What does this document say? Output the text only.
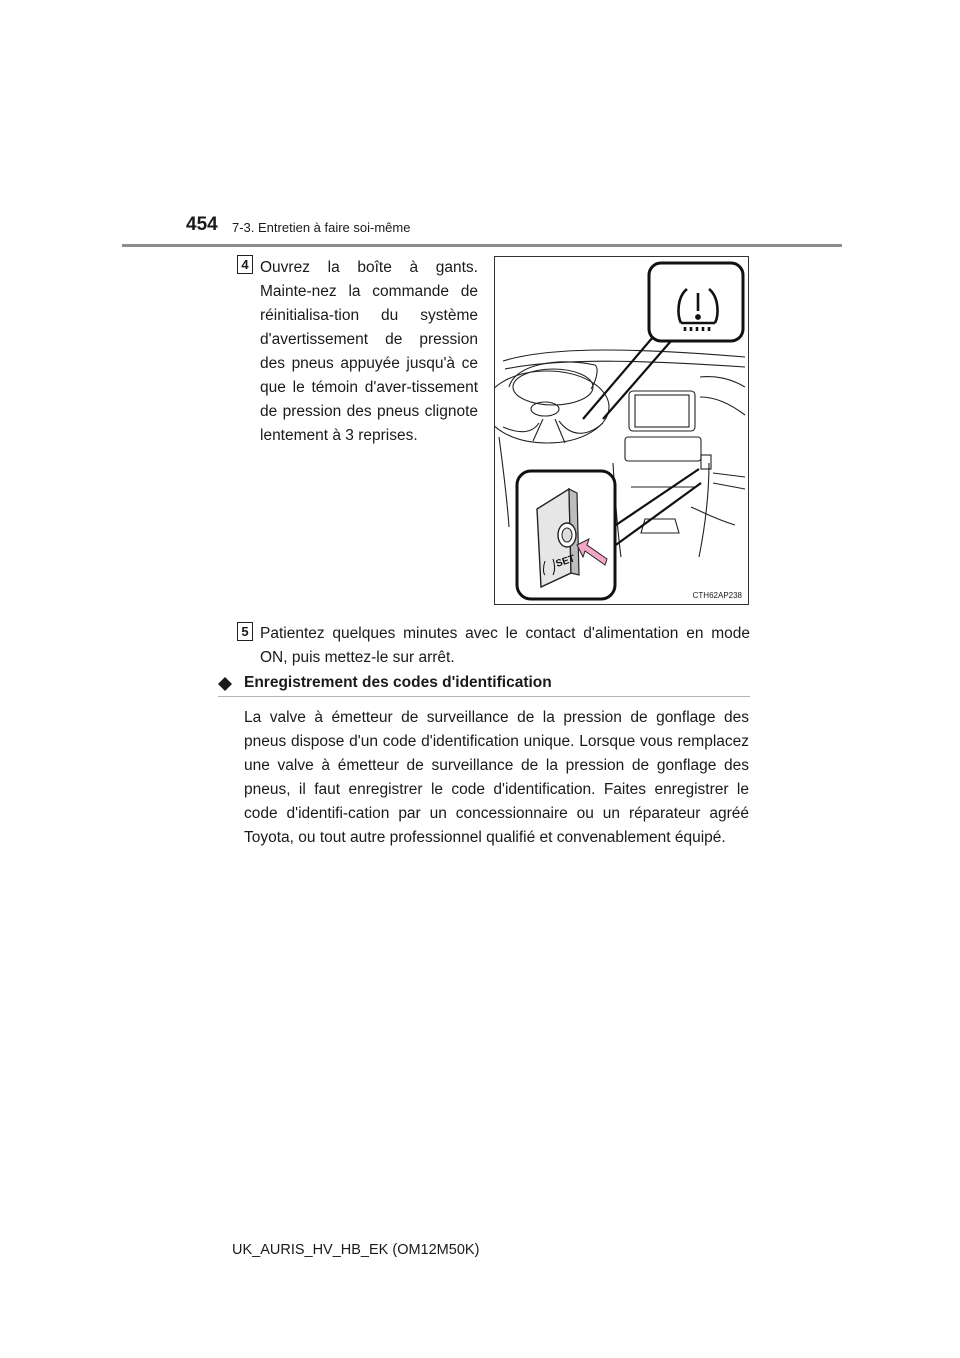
454 7-3. Entretien à faire soi-même
4 Ouvrez la boîte à gants. Mainte-nez la commande de réinitialisa-tion du système d'avertissement de pression des pneus appuyée jusqu'à ce que le témoin d'aver-tissement de pression des pneus clignote lentement à 3 reprises.
SET
CTH62AP238
5 Patientez quelques minutes avec le contact d'alimentation en mode ON, puis mettez-le sur arrêt.
Enregistrement des codes d'identification
La valve à émetteur de surveillance de la pression de gonflage des pneus dispose d'un code d'identification unique. Lorsque vous remplacez une valve à émetteur de surveillance de la pression de gonflage des pneus, il faut enregistrer le code d'identification. Faites enregistrer le code d'identifi-cation par un concessionnaire ou un réparateur agréé Toyota, ou tout autre professionnel qualifié et convenablement équipé.
UK_AURIS_HV_HB_EK (OM12M50K)
